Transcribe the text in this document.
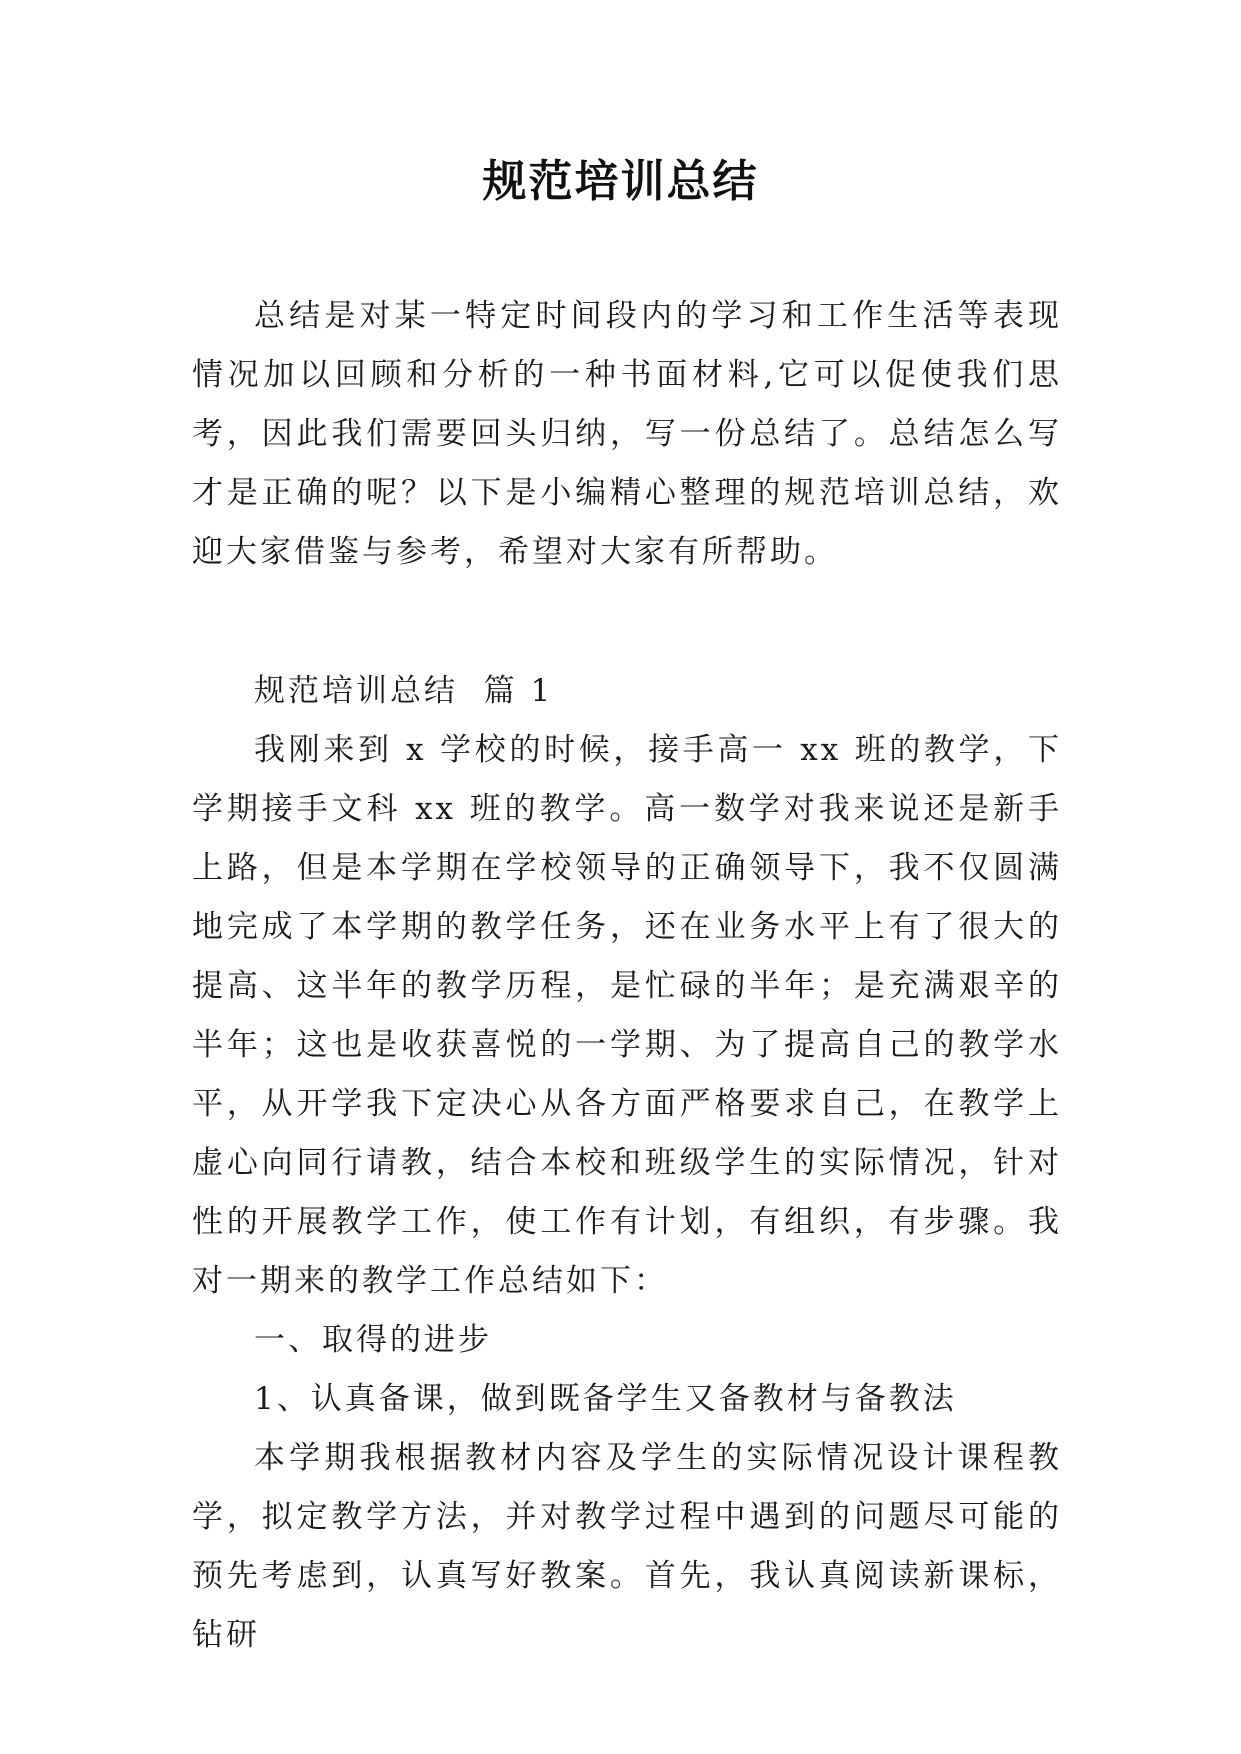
规范培训总结

总结是对某一特定时间段内的学习和工作生活等表现情况加以回顾和分析的一种书面材料,它可以促使我们思考，因此我们需要回头归纳，写一份总结了。总结怎么写才是正确的呢？以下是小编精心整理的规范培训总结，欢迎大家借鉴与参考，希望对大家有所帮助。

规范培训总结  篇 1

我刚来到 x 学校的时候，接手高一 xx 班的教学，下学期接手文科 xx 班的教学。高一数学对我来说还是新手上路，但是本学期在学校领导的正确领导下，我不仅圆满地完成了本学期的教学任务，还在业务水平上有了很大的提高、这半年的教学历程，是忙碌的半年；是充满艰辛的半年；这也是收获喜悦的一学期、为了提高自己的教学水平，从开学我下定决心从各方面严格要求自己，在教学上虚心向同行请教，结合本校和班级学生的实际情况，针对性的开展教学工作，使工作有计划，有组织，有步骤。我对一期来的教学工作总结如下：

一、取得的进步

1、认真备课，做到既备学生又备教材与备教法

本学期我根据教材内容及学生的实际情况设计课程教学，拟定教学方法，并对教学过程中遇到的问题尽可能的预先考虑到，认真写好教案。首先，我认真阅读新课标，钻研
